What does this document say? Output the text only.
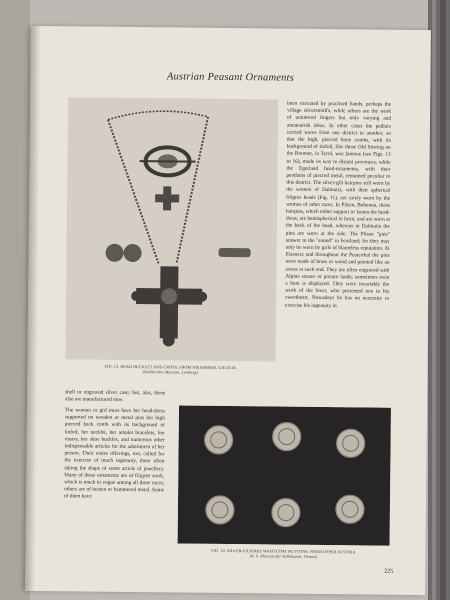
Austrian Peasant Ornaments
FIG. 13. BEAD NECKLET AND CROSS, FROM NIEDERBER, GALICIA
(Städtisches Museum, Lemberg)
been executed by practised hands, perhaps the village silversmith's, while others are the work of untutored fingers but only varying and amateurish ideas. In other cases the pedlars carried wares from one district to another, so that the high, pierced bone combs, with its background of tinfoil, like those Old Stirring on the Brenner, in Tyrol, was famous (see Figs. 13 to 16), made its way to distant provinces, while the Egerland head-ornaments, with their pendants of pierced metal, remained peculiar to this district. The silver-gilt hairpins still worn by the women of Dalmatia, with their spherical filigree beads (Fig. 11), are rarely worn by the women of other races. In Pilsen, Bohemia, these hairpins, which either support or fasten the head-dress, are hemispherical in form, and are worn at the back of the head, whereas in Dalmatia the pins are worn at the side. The Pilsen "pins" answer to the "snood" in Scotland; for they may only be worn by girls of blameless reputation. At Eisenerz and throughout the Pusterthal the pins were made of brass or wood and pointed like an arrow at each end. They are often engraved with Alpine scenes or picture lands; sometimes even a hunt is displayed. They were invariably the work of the lover, who presented one to his sweetheart. Nowadays he has no necessity to exercise his ingenuity in
shell or engraved silver case; but, alas, these also are manufactured now.
The woman or girl must have her head-dress supported on wooden or metal pins her high pierced back comb with its background of tinfoil, her necklet, her amulet bracelets, her rosary, her shoe buckles, and numerous other indispensable articles for the adornment of her person. Their entire offerings, too, called for the exercise of much ingenuity, these often taking the shape of some article of jewellery. Many of these ornaments are of filigree work, which is much in vogue among all these races; others are of beaten or hammered metal. Some of them have
FIG. 14. SILVER-FILIGREE WAISTCOAT BUTTONS, FROM UPPER AUSTRIA
(K. k. Museum für Volkskunde, Vienna)
225
